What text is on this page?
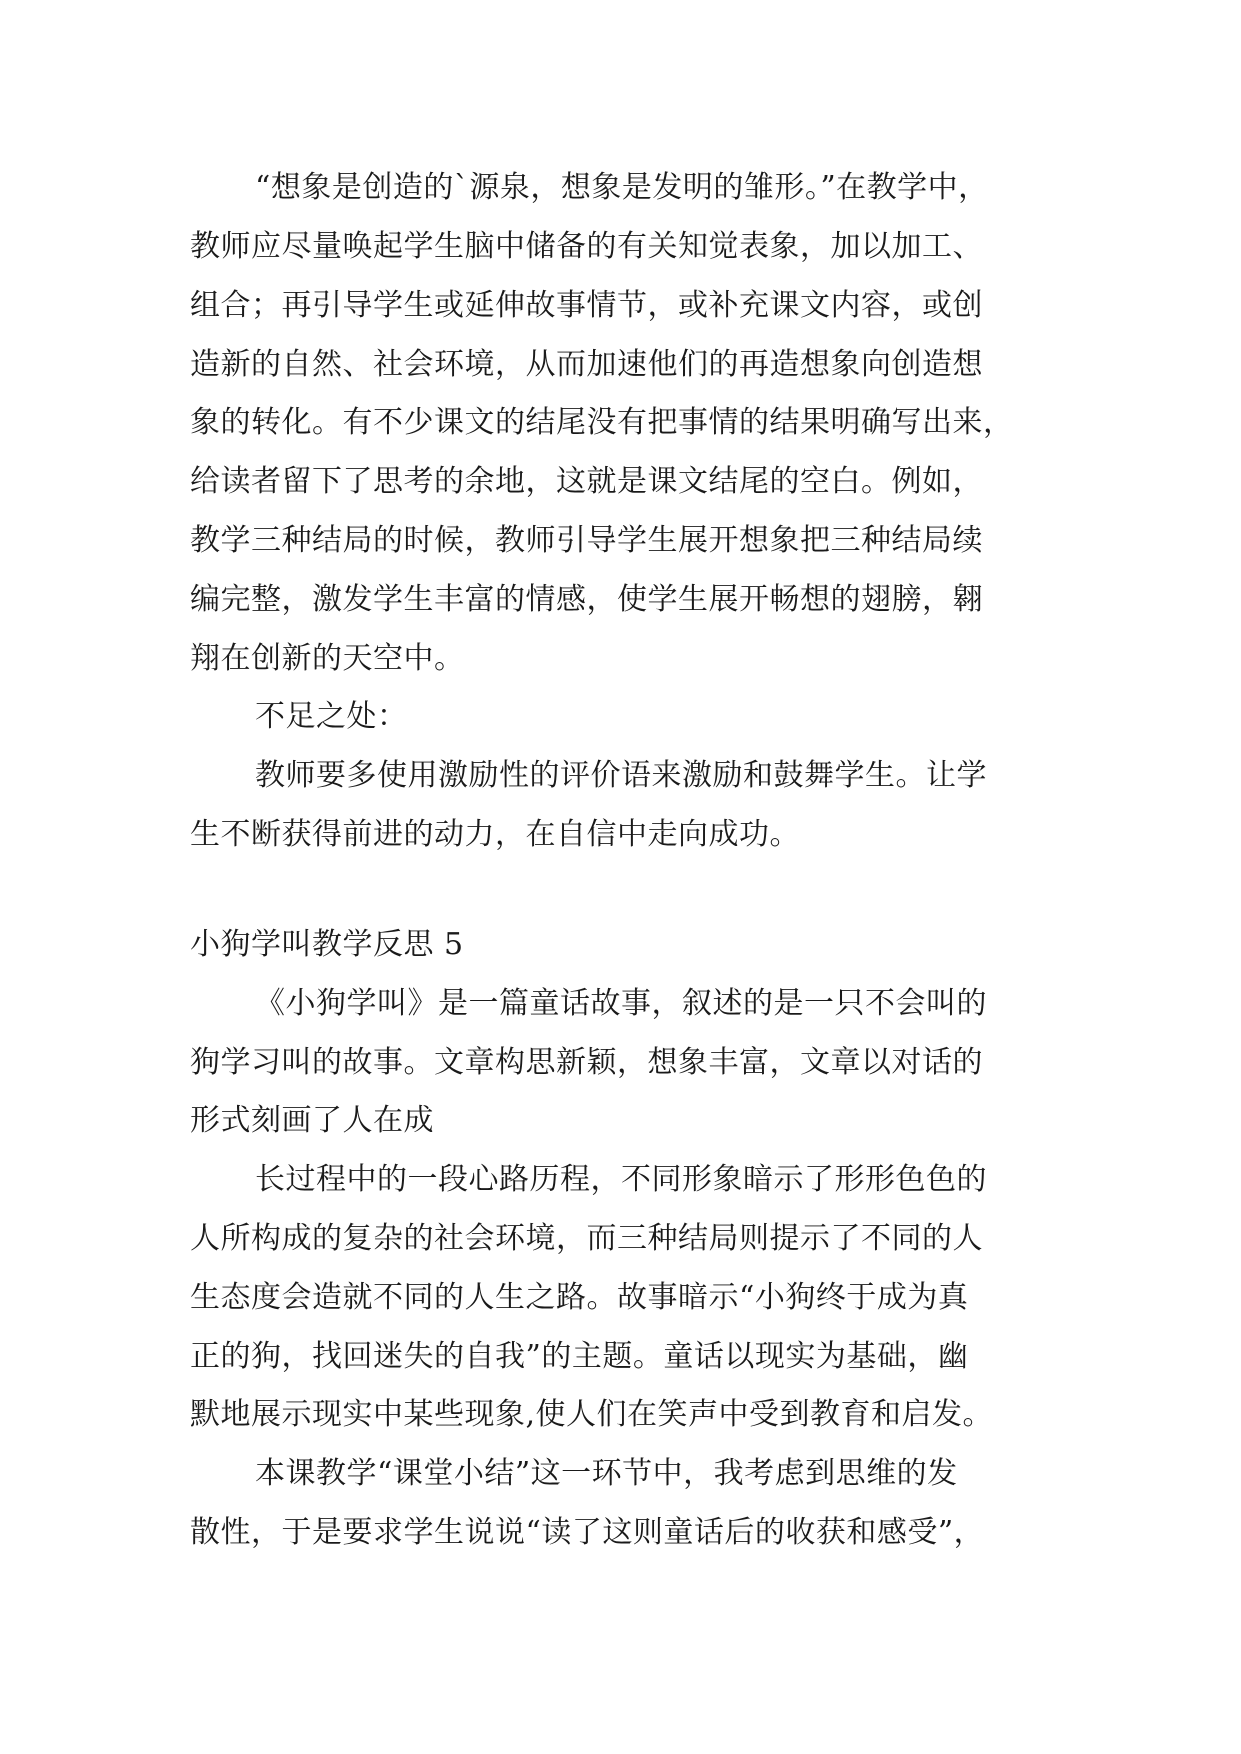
“想象是创造的`源泉，想象是发明的雏形。”在教学中，
教师应尽量唤起学生脑中储备的有关知觉表象，加以加工、
组合；再引导学生或延伸故事情节，或补充课文内容，或创
造新的自然、社会环境，从而加速他们的再造想象向创造想
象的转化。有不少课文的结尾没有把事情的结果明确写出来，
给读者留下了思考的余地，这就是课文结尾的空白。例如，
教学三种结局的时候，教师引导学生展开想象把三种结局续
编完整，激发学生丰富的情感，使学生展开畅想的翅膀，翱
翔在创新的天空中。
不足之处：
教师要多使用激励性的评价语来激励和鼓舞学生。让学
生不断获得前进的动力，在自信中走向成功。
小狗学叫教学反思 5
《小狗学叫》是一篇童话故事，叙述的是一只不会叫的
狗学习叫的故事。文章构思新颖，想象丰富，文章以对话的
形式刻画了人在成
长过程中的一段心路历程，不同形象暗示了形形色色的
人所构成的复杂的社会环境，而三种结局则提示了不同的人
生态度会造就不同的人生之路。故事暗示“小狗终于成为真
正的狗，找回迷失的自我”的主题。童话以现实为基础，幽
默地展示现实中某些现象,使人们在笑声中受到教育和启发。
本课教学“课堂小结”这一环节中，我考虑到思维的发
散性，于是要求学生说说“读了这则童话后的收获和感受”，
